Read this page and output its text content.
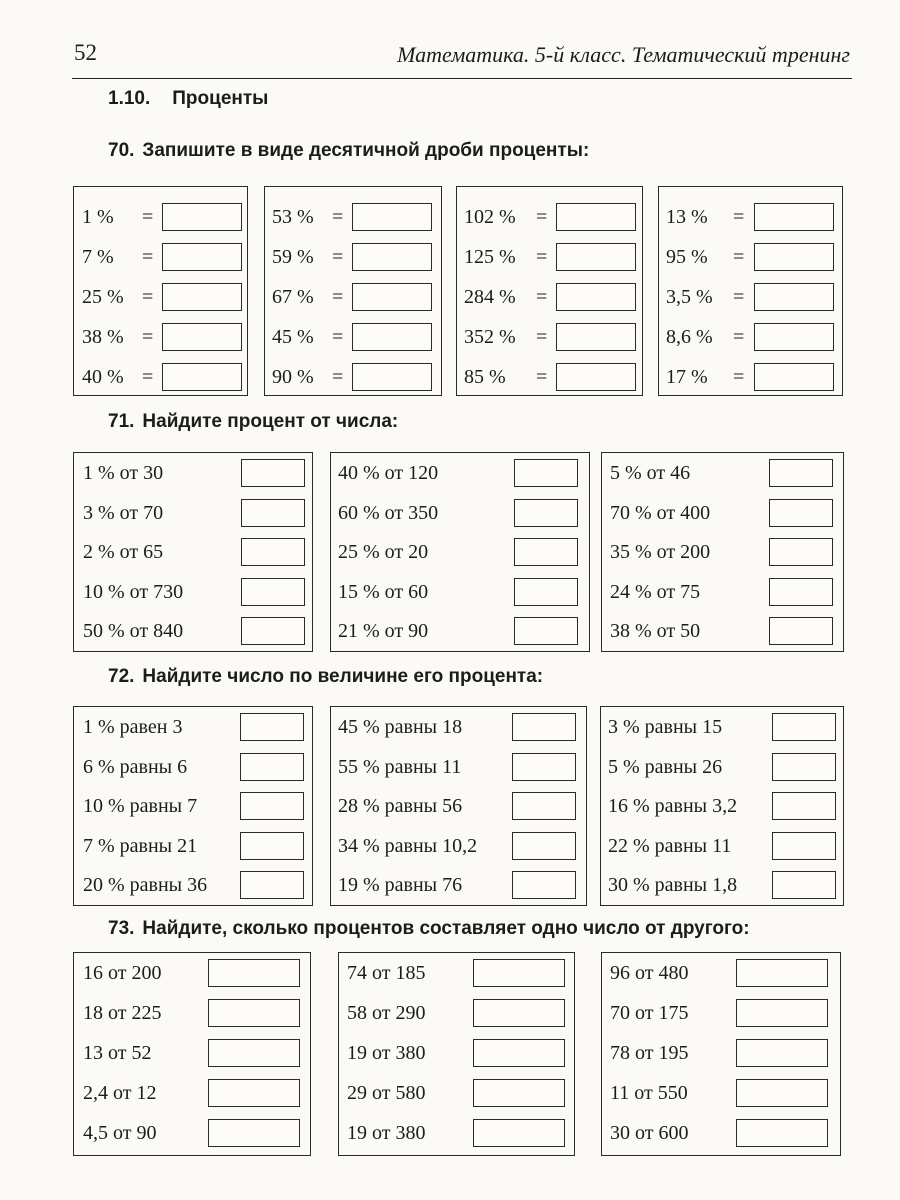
52	Математика. 5-й класс. Тематический тренинг
1.10. Проценты
70. Запишите в виде десятичной дроби проценты:
1 % =
7 % =
25 % =
38 % =
40 % =
53 % =
59 % =
67 % =
45 % =
90 % =
102 % =
125 % =
284 % =
352 % =
85 % =
13 % =
95 % =
3,5 % =
8,6 % =
17 % =
71. Найдите процент от числа:
1 % от 30
3 % от 70
2 % от 65
10 % от 730
50 % от 840
40 % от 120
60 % от 350
25 % от 20
15 % от 60
21 % от 90
5 % от 46
70 % от 400
35 % от 200
24 % от 75
38 % от 50
72. Найдите число по величине его процента:
1 % равен 3
6 % равны 6
10 % равны 7
7 % равны 21
20 % равны 36
45 % равны 18
55 % равны 11
28 % равны 56
34 % равны 10,2
19 % равны 76
3 % равны 15
5 % равны 26
16 % равны 3,2
22 % равны 11
30 % равны 1,8
73. Найдите, сколько процентов составляет одно число от другого:
16 от 200
18 от 225
13 от 52
2,4 от 12
4,5 от 90
74 от 185
58 от 290
19 от 380
29 от 580
19 от 380
96 от 480
70 от 175
78 от 195
11 от 550
30 от 600
